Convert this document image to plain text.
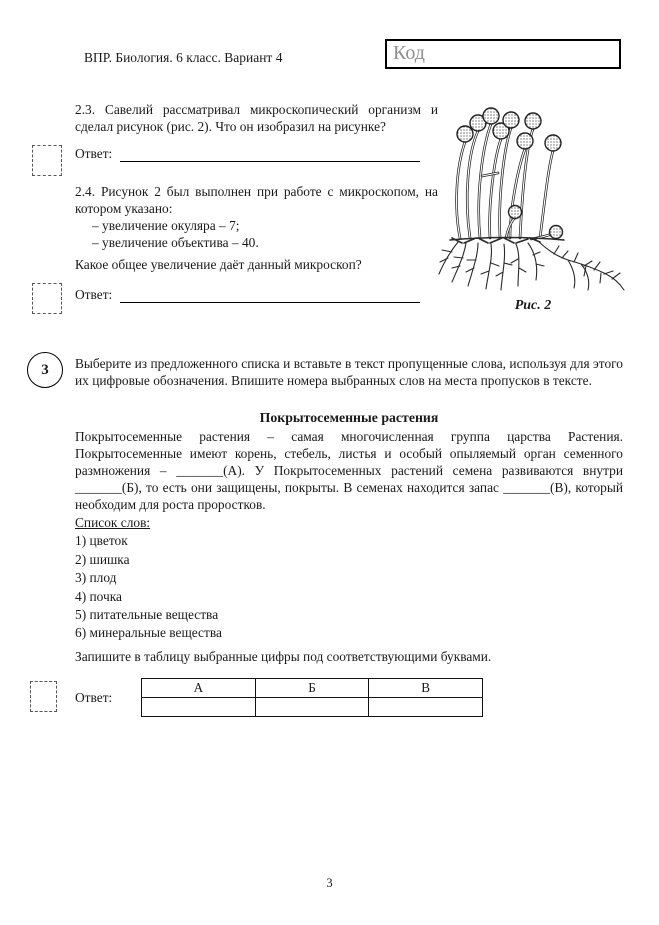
ВПР. Биология. 6 класс. Вариант 4	Код
2.3. Савелий рассматривал микроскопический организм и сделал рисунок (рис. 2). Что он изобразил на рисунке?
Ответ:
2.4. Рисунок 2 был выполнен при работе с микроскопом, на котором указано:
– увеличение окуляра – 7;
– увеличение объектива – 40.
Какое общее увеличение даёт данный микроскоп?
Ответ:
Рис. 2
3	Выберите из предложенного списка и вставьте в текст пропущенные слова, используя для этого их цифровые обозначения. Впишите номера выбранных слов на места пропусков в тексте.
Покрытосеменные растения
Покрытосеменные растения – самая многочисленная группа царства Растения. Покрытосеменные имеют корень, стебель, листья и особый опыляемый орган семенного размножения – _______(А). У Покрытосеменных растений семена развиваются внутри _______(Б), то есть они защищены, покрыты. В семенах находится запас _______(В), который необходим для роста проростков.
Список слов:
1) цветок
2) шишка
3) плод
4) почка
5) питательные вещества
6) минеральные вещества
Запишите в таблицу выбранные цифры под соответствующими буквами.
Ответ:
А	Б	В

3
